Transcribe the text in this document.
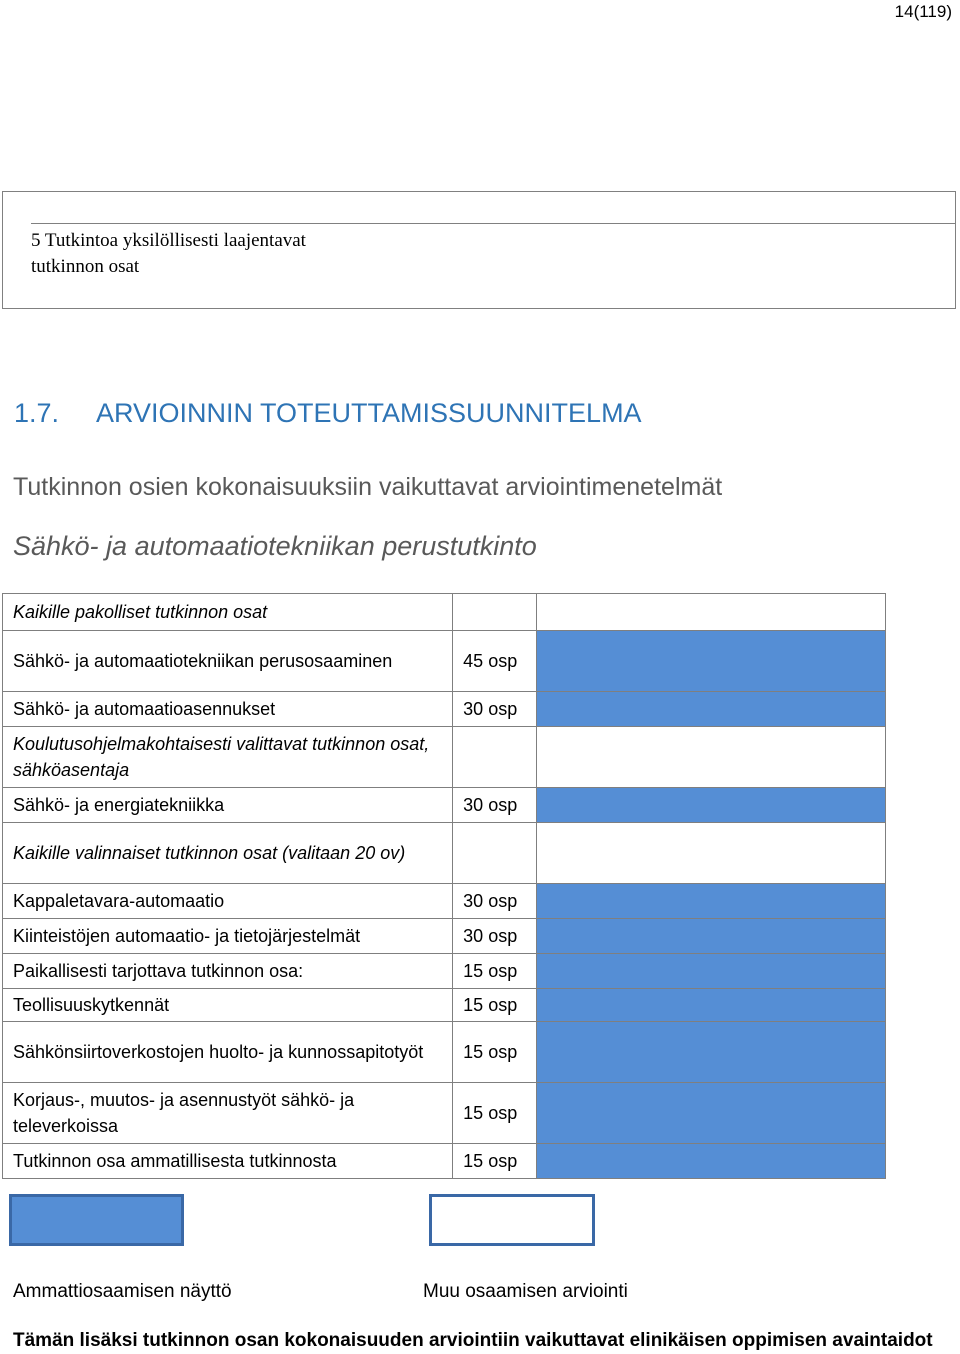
14(119)
5 Tutkintoa yksilöllisesti laajentavat
tutkinnon osat
1.7. ARVIOINNIN TOTEUTTAMISSUUNNITELMA
Tutkinnon osien kokonaisuuksiin vaikuttavat arviointimenetelmät
Sähkö- ja automaatiotekniikan perustutkinto
Kaikille pakolliset tutkinnon osat		
Sähkö- ja automaatiotekniikan perusosaaminen	45 osp	
Sähkö- ja automaatioasennukset	30 osp	
Koulutusohjelmakohtaisesti valittavat tutkinnon osat, sähköasentaja		
Sähkö- ja energiatekniikka	30 osp	
Kaikille valinnaiset tutkinnon osat (valitaan 20 ov)		
Kappaletavara-automaatio	30 osp	
Kiinteistöjen automaatio- ja tietojärjestelmät	30 osp	
Paikallisesti tarjottava tutkinnon osa:	15 osp	
Teollisuuskytkennät	15 osp	
Sähkönsiirtoverkostojen huolto- ja kunnossapitotyöt	15 osp	
Korjaus-, muutos- ja asennustyöt sähkö- ja televerkoissa	15 osp	
Tutkinnon osa ammatillisesta tutkinnosta	15 osp	
Ammattiosaamisen näyttö	Muu osaamisen arviointi
Tämän lisäksi tutkinnon osan kokonaisuuden arviointiin vaikuttavat elinikäisen oppimisen avaintaidot
